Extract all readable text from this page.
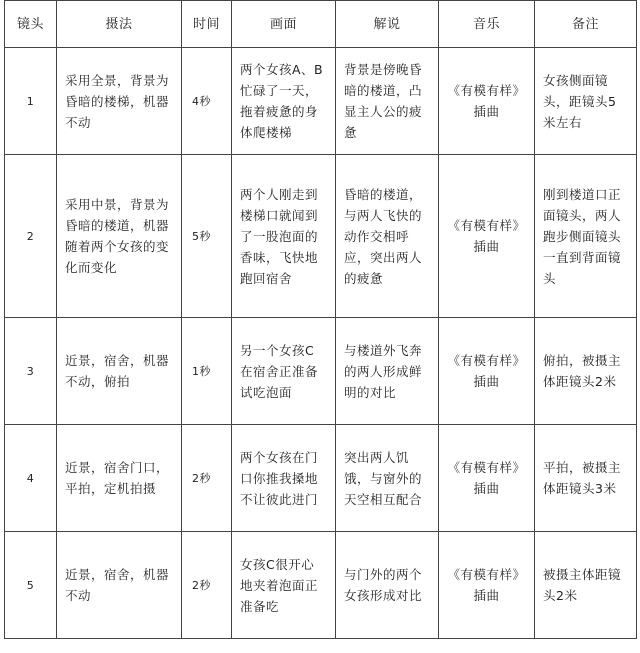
镜头	摄法	时间	画面	解说	音乐	备注
1	采用全景，背景为昏暗的楼梯，机器不动	4秒	两个女孩A、B忙碌了一天，拖着疲惫的身体爬楼梯	背景是傍晚昏暗的楼道，凸显主人公的疲惫	《有模有样》插曲	女孩侧面镜头，距镜头5米左右
2	采用中景，背景为昏暗的楼道，机器随着两个女孩的变化而变化	5秒	两个人刚走到楼梯口就闻到了一股泡面的香味，飞快地跑回宿舍	昏暗的楼道，与两人飞快的动作交相呼应，突出两人的疲惫	《有模有样》插曲	刚到楼道口正面镜头，两人跑步侧面镜头一直到背面镜头
3	近景，宿舍，机器不动，俯拍	1秒	另一个女孩C在宿舍正准备试吃泡面	与楼道外飞奔的两人形成鲜明的对比	《有模有样》插曲	俯拍，被摄主体距镜头2米
4	近景，宿舍门口，平拍，定机拍摄	2秒	两个女孩在门口你推我搡地不让彼此进门	突出两人饥饿，与窗外的天空相互配合	《有模有样》插曲	平拍，被摄主体距镜头3米
5	近景，宿舍，机器不动	2秒	女孩C很开心地夹着泡面正准备吃	与门外的两个女孩形成对比	《有模有样》插曲	被摄主体距镜头2米
